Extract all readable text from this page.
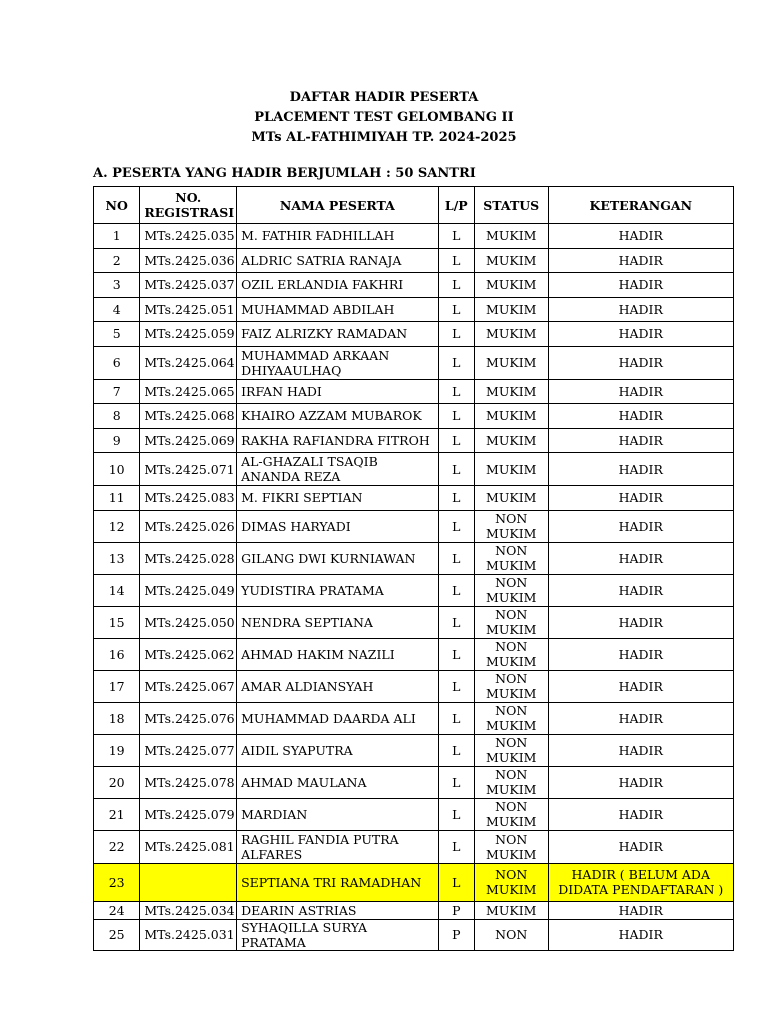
DAFTAR HADIR PESERTA
PLACEMENT TEST GELOMBANG II
MTs AL-FATHIMIYAH TP. 2024-2025
A. PESERTA YANG HADIR BERJUMLAH : 50 SANTRI
NO	NO. REGISTRASI	NAMA PESERTA	L/P	STATUS	KETERANGAN
1	MTs.2425.035	M. FATHIR FADHILLAH	L	MUKIM	HADIR
2	MTs.2425.036	ALDRIC SATRIA RANAJA	L	MUKIM	HADIR
3	MTs.2425.037	OZIL ERLANDIA FAKHRI	L	MUKIM	HADIR
4	MTs.2425.051	MUHAMMAD ABDILAH	L	MUKIM	HADIR
5	MTs.2425.059	FAIZ ALRIZKY RAMADAN	L	MUKIM	HADIR
6	MTs.2425.064	MUHAMMAD ARKAAN DHIYAAULHAQ	L	MUKIM	HADIR
7	MTs.2425.065	IRFAN HADI	L	MUKIM	HADIR
8	MTs.2425.068	KHAIRO AZZAM MUBAROK	L	MUKIM	HADIR
9	MTs.2425.069	RAKHA RAFIANDRA FITROH	L	MUKIM	HADIR
10	MTs.2425.071	AL-GHAZALI TSAQIB ANANDA REZA	L	MUKIM	HADIR
11	MTs.2425.083	M. FIKRI SEPTIAN	L	MUKIM	HADIR
12	MTs.2425.026	DIMAS HARYADI	L	NON MUKIM	HADIR
13	MTs.2425.028	GILANG DWI KURNIAWAN	L	NON MUKIM	HADIR
14	MTs.2425.049	YUDISTIRA PRATAMA	L	NON MUKIM	HADIR
15	MTs.2425.050	NENDRA SEPTIANA	L	NON MUKIM	HADIR
16	MTs.2425.062	AHMAD HAKIM NAZILI	L	NON MUKIM	HADIR
17	MTs.2425.067	AMAR ALDIANSYAH	L	NON MUKIM	HADIR
18	MTs.2425.076	MUHAMMAD DAARDA ALI	L	NON MUKIM	HADIR
19	MTs.2425.077	AIDIL SYAPUTRA	L	NON MUKIM	HADIR
20	MTs.2425.078	AHMAD MAULANA	L	NON MUKIM	HADIR
21	MTs.2425.079	MARDIAN	L	NON MUKIM	HADIR
22	MTs.2425.081	RAGHIL FANDIA PUTRA ALFARES	L	NON MUKIM	HADIR
23		SEPTIANA TRI RAMADHAN	L	NON MUKIM	HADIR ( BELUM ADA DIDATA PENDAFTARAN )
24	MTs.2425.034	DEARIN ASTRIAS	P	MUKIM	HADIR
25	MTs.2425.031	SYHAQILLA SURYA PRATAMA	P	NON	HADIR
